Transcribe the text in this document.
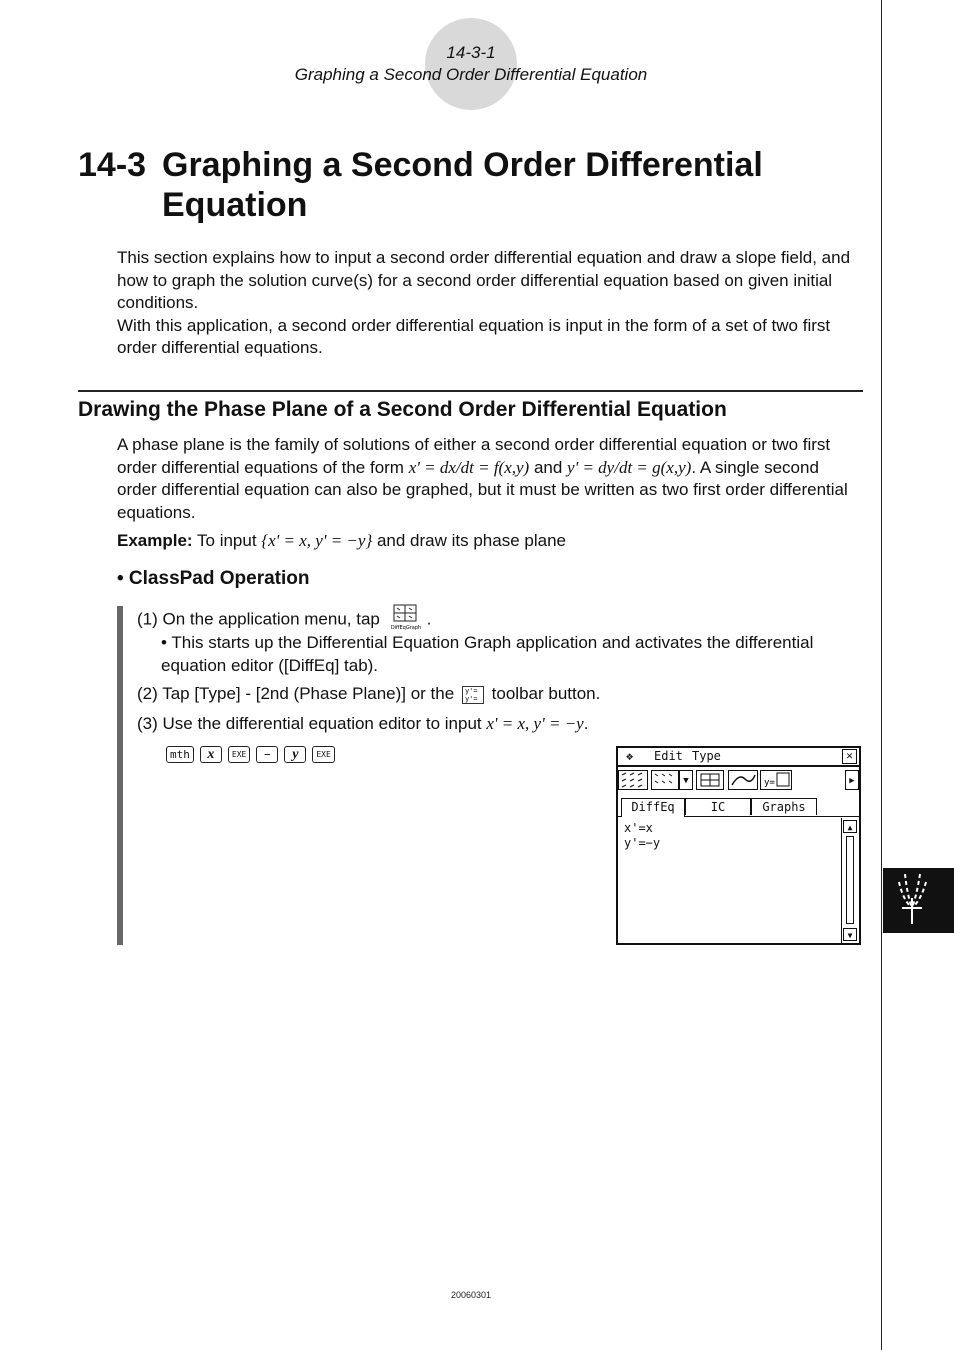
14-3-1
Graphing a Second Order Differential Equation
14-3 Graphing a Second Order Differential
Equation

This section explains how to input a second order differential equation and draw a slope field, and how to graph the solution curve(s) for a second order differential equation based on given initial conditions.

With this application, a second order differential equation is input in the form of a set of two first order differential equations.

Drawing the Phase Plane of a Second Order Differential Equation
A phase plane is the family of solutions of either a second order differential equation or two first order differential equations of the form x' = dx/dt = f(x,y) and y' = dy/dt = g(x,y). A single second order differential equation can also be graphed, but it must be written as two first order differential equations.
Example: To input {x' = x, y' = −y} and draw its phase plane
• ClassPad Operation
(1) On the application menu, tap DiffEqGraph .
• This starts up the Differential Equation Graph application and activates the differential equation editor ([DiffEq] tab).
(2) Tap [Type] - [2nd (Phase Plane)] or the y'=
y'= toolbar button.
(3) Use the differential equation editor to input x' = x, y' = −y.
mth	x	EXE	−	y	EXE	❖ Edit Type	✕
▼	y=	▶
DiffEq	IC	Graphs
x'=x
y'=−y
▲
▼
20060301
